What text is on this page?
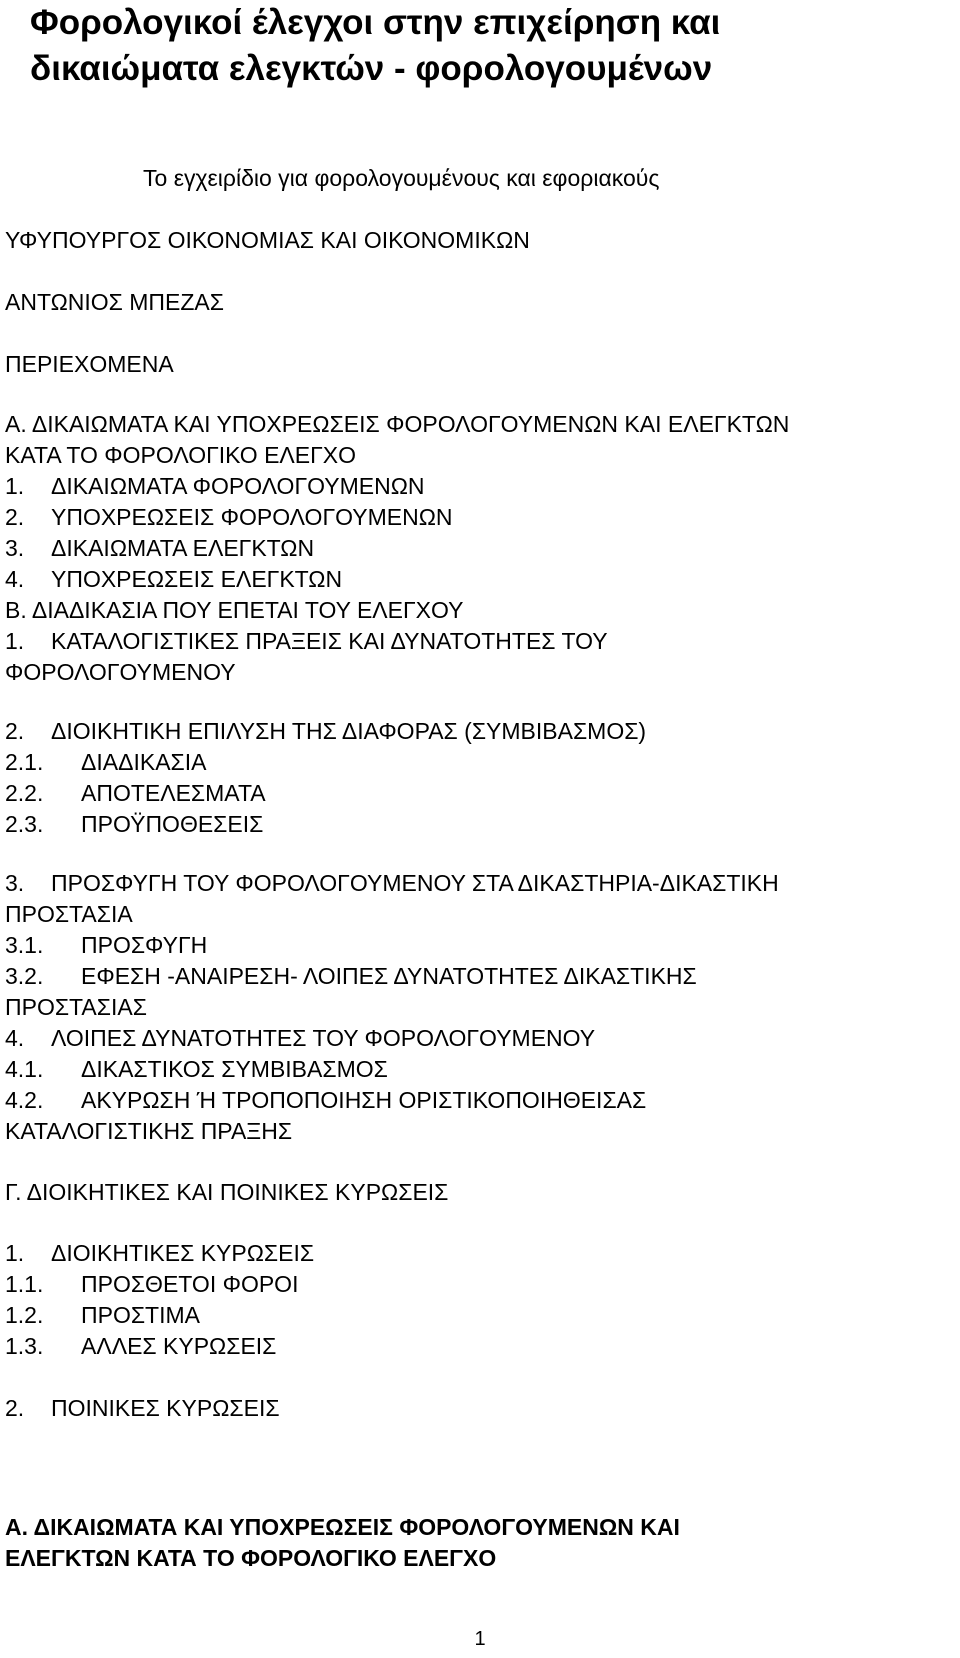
Φορολογικοί έλεγχοι στην επιχείρηση και
δικαιώματα ελεγκτών - φορολογουμένων
Το εγχειρίδιο για φορολογουμένους και εφοριακούς
ΥΦΥΠΟΥΡΓΟΣ ΟΙΚΟΝΟΜΙΑΣ ΚΑΙ ΟΙΚΟΝΟΜΙΚΩΝ
ΑΝΤΩΝΙΟΣ ΜΠΕΖΑΣ
ΠΕΡΙΕΧΟΜΕΝΑ
Α. ΔΙΚΑΙΩΜΑΤΑ ΚΑΙ ΥΠΟΧΡΕΩΣΕΙΣ ΦΟΡΟΛΟΓΟΥΜΕΝΩΝ ΚΑΙ ΕΛΕΓΚΤΩΝ
ΚΑΤΑ ΤΟ ΦΟΡΟΛΟΓΙΚΟ ΕΛΕΓΧΟ
1. ΔΙΚΑΙΩΜΑΤΑ ΦΟΡΟΛΟΓΟΥΜΕΝΩΝ
2. ΥΠΟΧΡΕΩΣΕΙΣ ΦΟΡΟΛΟΓΟΥΜΕΝΩΝ
3. ΔΙΚΑΙΩΜΑΤΑ ΕΛΕΓΚΤΩΝ
4. ΥΠΟΧΡΕΩΣΕΙΣ ΕΛΕΓΚΤΩΝ
Β. ΔΙΑΔΙΚΑΣΙΑ ΠΟΥ ΕΠΕΤΑΙ ΤΟΥ ΕΛΕΓΧΟΥ
1. ΚΑΤΑΛΟΓΙΣΤΙΚΕΣ ΠΡΑΞΕΙΣ ΚΑΙ ΔΥΝΑΤΟΤΗΤΕΣ ΤΟΥ
ΦΟΡΟΛΟΓΟΥΜΕΝΟΥ
2. ΔΙΟΙΚΗΤΙΚΗ ΕΠΙΛΥΣΗ ΤΗΣ ΔΙΑΦΟΡΑΣ (ΣΥΜΒΙΒΑΣΜΟΣ)
2.1. ΔΙΑΔΙΚΑΣΙΑ
2.2. ΑΠΟΤΕΛΕΣΜΑΤΑ
2.3. ΠΡΟΫΠΟΘΕΣΕΙΣ
3. ΠΡΟΣΦΥΓΗ ΤΟΥ ΦΟΡΟΛΟΓΟΥΜΕΝΟΥ ΣΤΑ ΔΙΚΑΣΤΗΡΙΑ-ΔΙΚΑΣΤΙΚΗ
ΠΡΟΣΤΑΣΙΑ
3.1. ΠΡΟΣΦΥΓΗ
3.2. ΕΦΕΣΗ -ΑΝΑΙΡΕΣΗ- ΛΟΙΠΕΣ ΔΥΝΑΤΟΤΗΤΕΣ ΔΙΚΑΣΤΙΚΗΣ
ΠΡΟΣΤΑΣΙΑΣ
4. ΛΟΙΠΕΣ ΔΥΝΑΤΟΤΗΤΕΣ ΤΟΥ ΦΟΡΟΛΟΓΟΥΜΕΝΟΥ
4.1. ΔΙΚΑΣΤΙΚΟΣ ΣΥΜΒΙΒΑΣΜΟΣ
4.2. ΑΚΥΡΩΣΗ Ή ΤΡΟΠΟΠΟΙΗΣΗ ΟΡΙΣΤΙΚΟΠΟΙΗΘΕΙΣΑΣ
ΚΑΤΑΛΟΓΙΣΤΙΚΗΣ ΠΡΑΞΗΣ
Γ. ΔΙΟΙΚΗΤΙΚΕΣ ΚΑΙ ΠΟΙΝΙΚΕΣ ΚΥΡΩΣΕΙΣ
1. ΔΙΟΙΚΗΤΙΚΕΣ ΚΥΡΩΣΕΙΣ
1.1. ΠΡΟΣΘΕΤΟΙ ΦΟΡΟΙ
1.2. ΠΡΟΣΤΙΜΑ
1.3. ΑΛΛΕΣ ΚΥΡΩΣΕΙΣ
2. ΠΟΙΝΙΚΕΣ ΚΥΡΩΣΕΙΣ
Α. ΔΙΚΑΙΩΜΑΤΑ ΚΑΙ ΥΠΟΧΡΕΩΣΕΙΣ ΦΟΡΟΛΟΓΟΥΜΕΝΩΝ ΚΑΙ
ΕΛΕΓΚΤΩΝ ΚΑΤΑ ΤΟ ΦΟΡΟΛΟΓΙΚΟ ΕΛΕΓΧΟ
1
